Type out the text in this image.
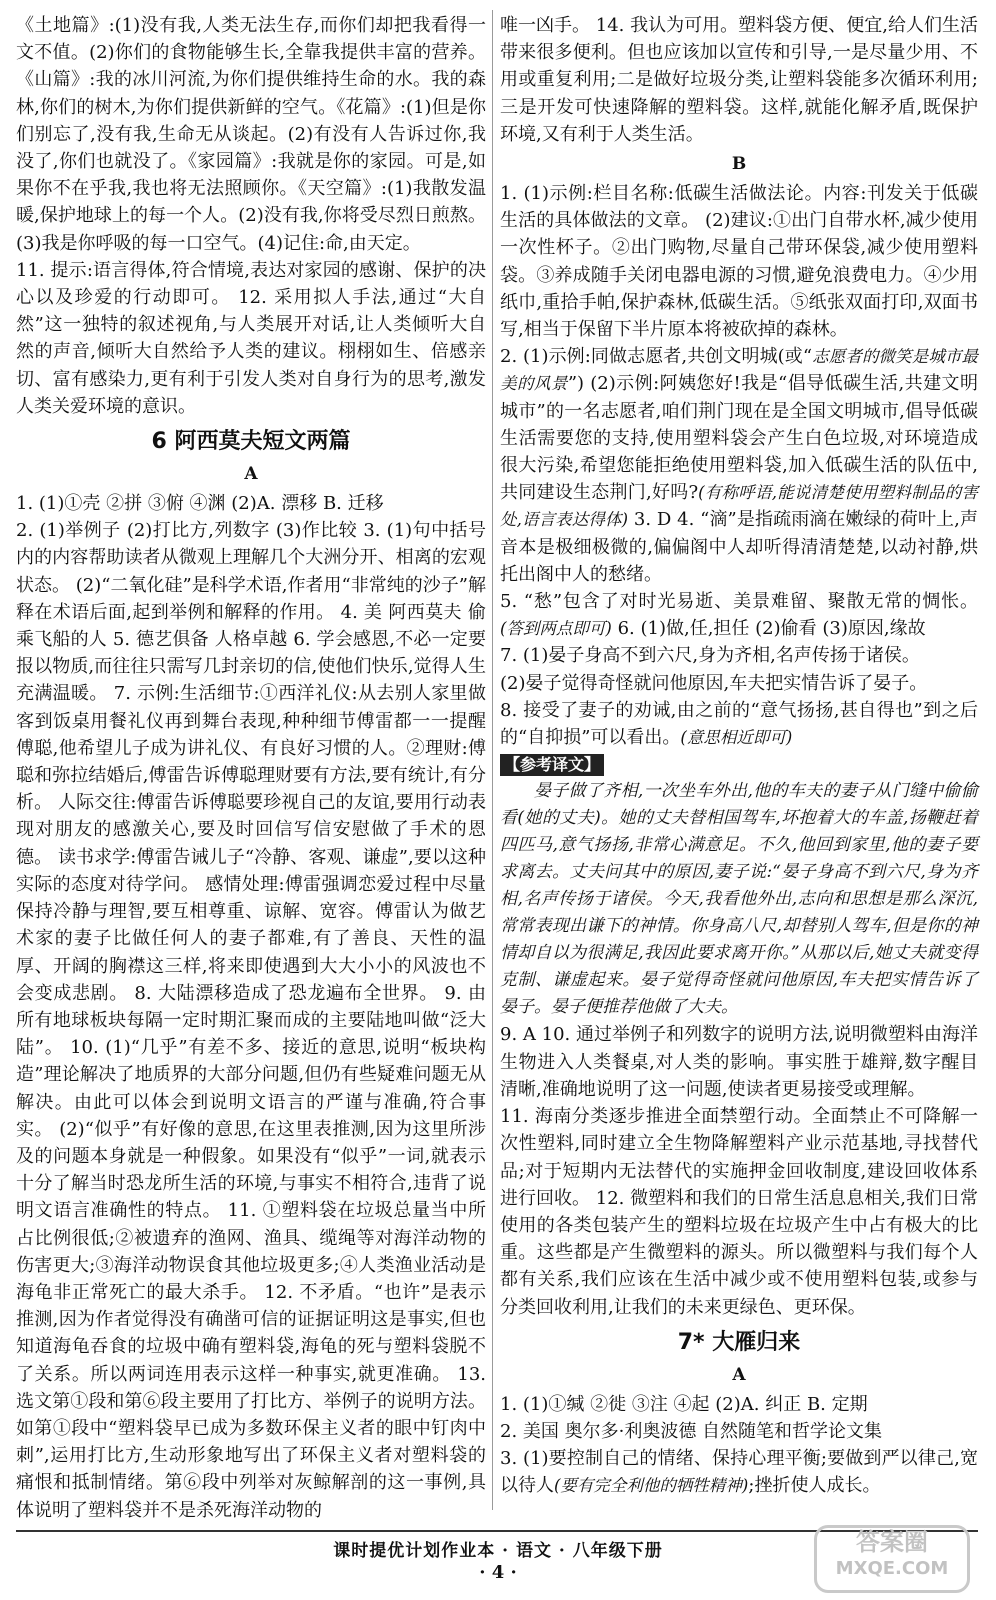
《土地篇》:(1)没有我,人类无法生存,而你们却把我看得一文不值。(2)你们的食物能够生长,全靠我提供丰富的营养。《山篇》:我的冰川河流,为你们提供维持生命的水。我的森林,你们的树木,为你们提供新鲜的空气。《花篇》:(1)但是你们别忘了,没有我,生命无从谈起。(2)有没有人告诉过你,我没了,你们也就没了。《家园篇》:我就是你的家园。可是,如果你不在乎我,我也将无法照顾你。《天空篇》:(1)我散发温暖,保护地球上的每一个人。(2)没有我,你将受尽烈日煎熬。(3)我是你呼吸的每一口空气。(4)记住:命,由天定。

11. 提示:语言得体,符合情境,表达对家园的感谢、保护的决心以及珍爱的行动即可。 12. 采用拟人手法,通过“大自然”这一独特的叙述视角,与人类展开对话,让人类倾听大自然的声音,倾听大自然给予人类的建议。栩栩如生、倍感亲切、富有感染力,更有利于引发人类对自身行为的思考,激发人类关爱环境的意识。

6 阿西莫夫短文两篇
A

1. (1)①壳 ②拼 ③俯 ④渊 (2)A. 漂移 B. 迁移

2. (1)举例子 (2)打比方,列数字 (3)作比较 3. (1)句中括号内的内容帮助读者从微观上理解几个大洲分开、相离的宏观状态。 (2)“二氧化硅”是科学术语,作者用“非常纯的沙子”解释在术语后面,起到举例和解释的作用。 4. 美 阿西莫夫 偷乘飞船的人 5. 德艺俱备 人格卓越 6. 学会感恩,不必一定要报以物质,而往往只需写几封亲切的信,使他们快乐,觉得人生充满温暖。 7. 示例:生活细节:①西洋礼仪:从去别人家里做客到饭桌用餐礼仪再到舞台表现,种种细节傅雷都一一提醒傅聪,他希望儿子成为讲礼仪、有良好习惯的人。②理财:傅聪和弥拉结婚后,傅雷告诉傅聪理财要有方法,要有统计,有分析。 人际交往:傅雷告诉傅聪要珍视自己的友谊,要用行动表现对朋友的感激关心,要及时回信写信安慰做了手术的恩德。 读书求学:傅雷告诫儿子“冷静、客观、谦虚”,要以这种实际的态度对待学问。 感情处理:傅雷强调恋爱过程中尽量保持冷静与理智,要互相尊重、谅解、宽容。傅雷认为做艺术家的妻子比做任何人的妻子都难,有了善良、天性的温厚、开阔的胸襟这三样,将来即使遇到大大小小的风波也不会变成悲剧。 8. 大陆漂移造成了恐龙遍布全世界。 9. 由所有地球板块每隔一定时期汇聚而成的主要陆地叫做“泛大陆”。 10. (1)“几乎”有差不多、接近的意思,说明“板块构造”理论解决了地质界的大部分问题,但仍有些疑难问题无从解决。由此可以体会到说明文语言的严谨与准确,符合事实。 (2)“似乎”有好像的意思,在这里表推测,因为这里所涉及的问题本身就是一种假象。如果没有“似乎”一词,就表示十分了解当时恐龙所生活的环境,与事实不相符合,违背了说明文语言准确性的特点。 11. ①塑料袋在垃圾总量当中所占比例很低;②被遗弃的渔网、渔具、缆绳等对海洋动物的伤害更大;③海洋动物误食其他垃圾更多;④人类渔业活动是海龟非正常死亡的最大杀手。 12. 不矛盾。“也许”是表示推测,因为作者觉得没有确凿可信的证据证明这是事实,但也知道海龟吞食的垃圾中确有塑料袋,海龟的死与塑料袋脱不了关系。所以两词连用表示这样一种事实,就更准确。 13. 选文第①段和第⑥段主要用了打比方、举例子的说明方法。如第①段中“塑料袋早已成为多数环保主义者的眼中钉肉中刺”,运用打比方,生动形象地写出了环保主义者对塑料袋的痛恨和抵制情绪。第⑥段中列举对灰鲸解剖的这一事例,具体说明了塑料袋并不是杀死海洋动物的

唯一凶手。 14. 我认为可用。塑料袋方便、便宜,给人们生活带来很多便利。但也应该加以宣传和引导,一是尽量少用、不用或重复利用;二是做好垃圾分类,让塑料袋能多次循环利用;三是开发可快速降解的塑料袋。这样,就能化解矛盾,既保护环境,又有利于人类生活。

B

1. (1)示例:栏目名称:低碳生活做法论。内容:刊发关于低碳生活的具体做法的文章。 (2)建议:①出门自带水杯,减少使用一次性杯子。②出门购物,尽量自己带环保袋,减少使用塑料袋。③养成随手关闭电器电源的习惯,避免浪费电力。④少用纸巾,重拾手帕,保护森林,低碳生活。⑤纸张双面打印,双面书写,相当于保留下半片原本将被砍掉的森林。

2. (1)示例:同做志愿者,共创文明城(或“志愿者的微笑是城市最美的风景”) (2)示例:阿姨您好!我是“倡导低碳生活,共建文明城市”的一名志愿者,咱们荆门现在是全国文明城市,倡导低碳生活需要您的支持,使用塑料袋会产生白色垃圾,对环境造成很大污染,希望您能拒绝使用塑料袋,加入低碳生活的队伍中,共同建设生态荆门,好吗?(有称呼语,能说清楚使用塑料制品的害处,语言表达得体) 3. D 4. “滴”是指疏雨滴在嫩绿的荷叶上,声音本是极细极微的,偏偏阁中人却听得清清楚楚,以动衬静,烘托出阁中人的愁绪。

5. “愁”包含了对时光易逝、美景难留、聚散无常的惆怅。(答到两点即可) 6. (1)做,任,担任 (2)偷看 (3)原因,缘故

7. (1)晏子身高不到六尺,身为齐相,名声传扬于诸侯。

(2)晏子觉得奇怪就问他原因,车夫把实情告诉了晏子。

8. 接受了妻子的劝诫,由之前的“意气扬扬,甚自得也”到之后的“自抑损”可以看出。(意思相近即可)

【参考译文】

晏子做了齐相,一次坐车外出,他的车夫的妻子从门缝中偷偷看(她的丈夫)。她的丈夫替相国驾车,坏抱着大的车盖,扬鞭赶着四匹马,意气扬扬,非常心满意足。不久,他回到家里,他的妻子要求离去。丈夫问其中的原因,妻子说:“晏子身高不到六尺,身为齐相,名声传扬于诸侯。今天,我看他外出,志向和思想是那么深沉,常常表现出谦下的神情。你身高八尺,却替别人驾车,但是你的神情却自以为很满足,我因此要求离开你。”从那以后,她丈夫就变得克制、谦虚起来。晏子觉得奇怪就问他原因,车夫把实情告诉了晏子。晏子便推荐他做了大夫。

9. A 10. 通过举例子和列数字的说明方法,说明微塑料由海洋生物进入人类餐桌,对人类的影响。事实胜于雄辩,数字醒目清晰,准确地说明了这一问题,使读者更易接受或理解。

11. 海南分类逐步推进全面禁塑行动。全面禁止不可降解一次性塑料,同时建立全生物降解塑料产业示范基地,寻找替代品;对于短期内无法替代的实施押金回收制度,建设回收体系进行回收。 12. 微塑料和我们的日常生活息息相关,我们日常使用的各类包装产生的塑料垃圾在垃圾产生中占有极大的比重。这些都是产生微塑料的源头。所以微塑料与我们每个人都有关系,我们应该在生活中减少或不使用塑料包装,或参与分类回收利用,让我们的未来更绿色、更环保。

7* 大雁归来
A

1. (1)①缄 ②徙 ③注 ④起 (2)A. 纠正 B. 定期

2. 美国 奥尔多·利奥波德 自然随笔和哲学论文集

3. (1)要控制自己的情绪、保持心理平衡;要做到严以律己,宽以待人(要有完全利他的牺牲精神);挫折使人成长。

课时提优计划作业本 · 语文 · 八年级下册
· 4 ·
答案圈
MXQE.COM
